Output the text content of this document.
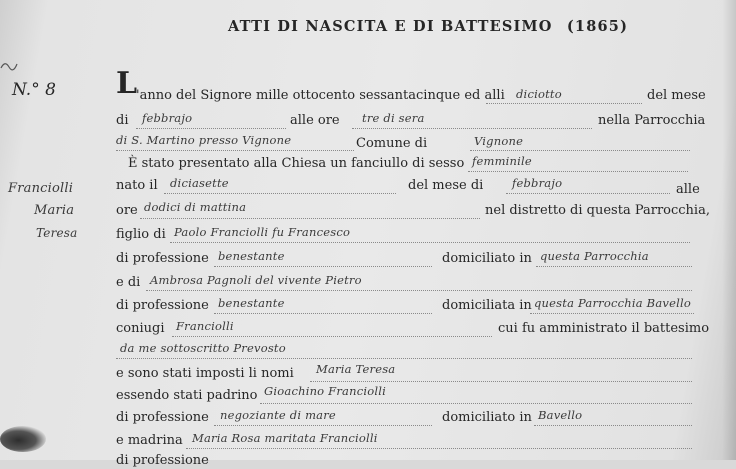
ATTI DI NASCITA E DI BATTESIMO (1865)
N.° 8
Franciolli
Maria
Teresa
L
'anno del Signore mille ottocento sessantacinque ed alli diciotto	del mese
di febbrajo	alle ore tre di sera	nella Parrocchia
di S. Martino presso Vignone	Comune di	Vignone
È stato presentato alla Chiesa un fanciullo di sesso femminile
nato il diciasette	del mese di febbrajo	alle
ore dodici di mattina	nel distretto di questa Parrocchia,
figlio di Paolo Franciolli fu Francesco
di professione benestante	domiciliato in questa Parrocchia
e di Ambrosa Pagnoli del vivente Pietro
di professione benestante	domiciliata in questa Parrocchia Bavello
coniugi Franciolli	cui fu amministrato il battesimo
da me sottoscritto Prevosto
e sono stati imposti li nomi Maria Teresa
essendo stati padrino Gioachino Franciolli
di professione negoziante di mare	domiciliato in Bavello
e madrina Maria Rosa maritata Franciolli
di professione
